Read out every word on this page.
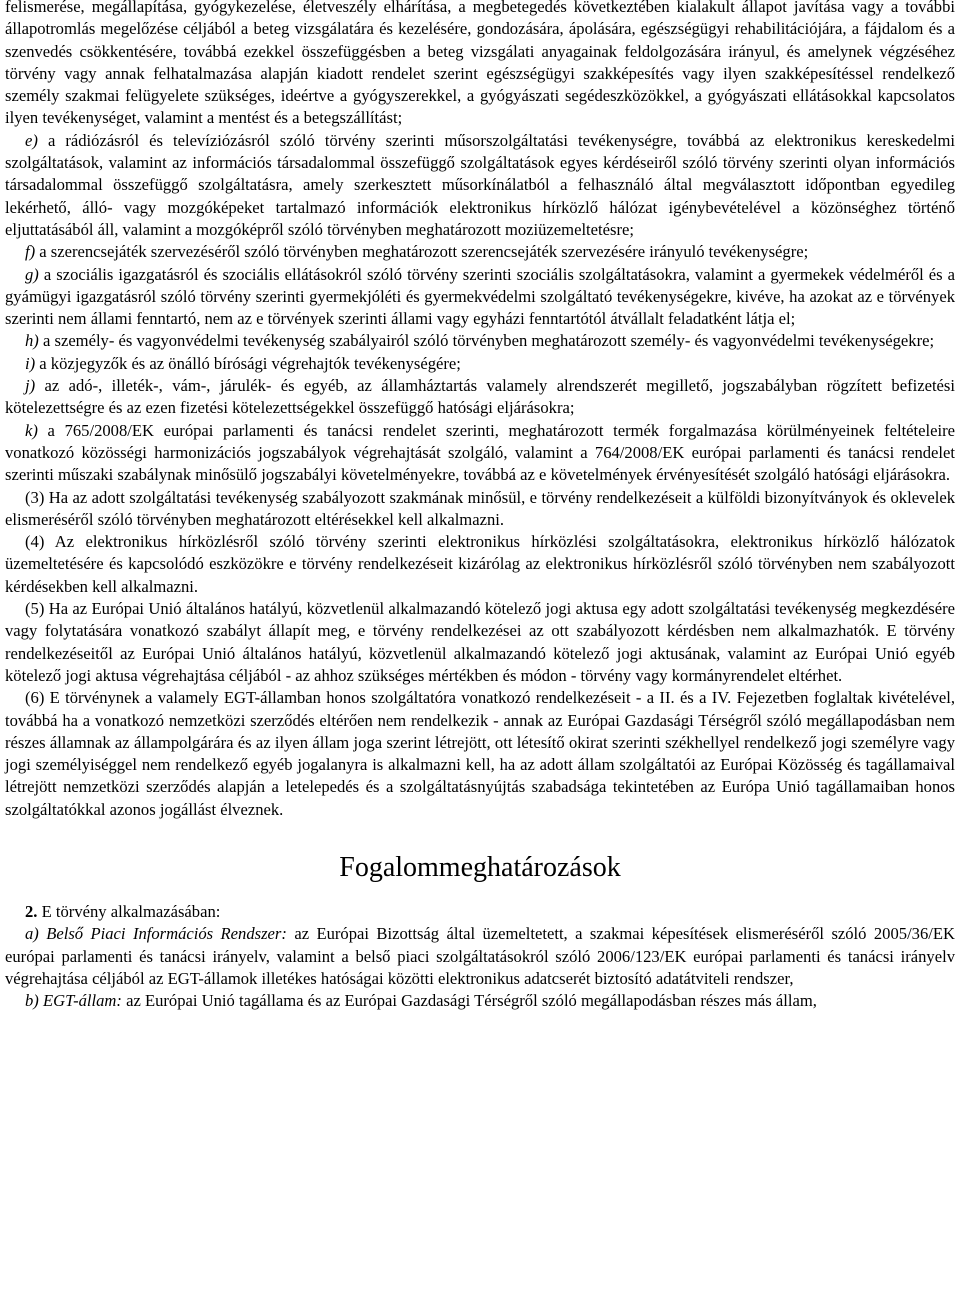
felismerése, megállapítása, gyógykezelése, életveszély elhárítása, a megbetegedés következtében kialakult állapot javítása vagy a további állapotromlás megelőzése céljából a beteg vizsgálatára és kezelésére, gondozására, ápolására, egészségügyi rehabilitációjára, a fájdalom és a szenvedés csökkentésére, továbbá ezekkel összefüggésben a beteg vizsgálati anyagainak feldolgozására irányul, és amelynek végzéséhez törvény vagy annak felhatalmazása alapján kiadott rendelet szerint egészségügyi szakképesítés vagy ilyen szakképesítéssel rendelkező személy szakmai felügyelete szükséges, ideértve a gyógyszerekkel, a gyógyászati segédeszközökkel, a gyógyászati ellátásokkal kapcsolatos ilyen tevékenységet, valamint a mentést és a betegszállítást;

e) a rádiózásról és televíziózásról szóló törvény szerinti műsorszolgáltatási tevékenységre, továbbá az elektronikus kereskedelmi szolgáltatások, valamint az információs társadalommal összefüggő szolgáltatások egyes kérdéseiről szóló törvény szerinti olyan információs társadalommal összefüggő szolgáltatásra, amely szerkesztett műsorkínálatból a felhasználó által megválasztott időpontban egyedileg lekérhető, álló- vagy mozgóképeket tartalmazó információk elektronikus hírközlő hálózat igénybevételével a közönséghez történő eljuttatásából áll, valamint a mozgóképről szóló törvényben meghatározott moziüzemeltetésre;

f) a szerencsejáték szervezéséről szóló törvényben meghatározott szerencsejáték szervezésére irányuló tevékenységre;

g) a szociális igazgatásról és szociális ellátásokról szóló törvény szerinti szociális szolgáltatásokra, valamint a gyermekek védelméről és a gyámügyi igazgatásról szóló törvény szerinti gyermekjóléti és gyermekvédelmi szolgáltató tevékenységekre, kivéve, ha azokat az e törvények szerinti nem állami fenntartó, nem az e törvények szerinti állami vagy egyházi fenntartótól átvállalt feladatként látja el;

h) a személy- és vagyonvédelmi tevékenység szabályairól szóló törvényben meghatározott személy- és vagyonvédelmi tevékenységekre;

i) a közjegyzők és az önálló bírósági végrehajtók tevékenységére;

j) az adó-, illeték-, vám-, járulék- és egyéb, az államháztartás valamely alrendszerét megillető, jogszabályban rögzített befizetési kötelezettségre és az ezen fizetési kötelezettségekkel összefüggő hatósági eljárásokra;

k) a 765/2008/EK európai parlamenti és tanácsi rendelet szerinti, meghatározott termék forgalmazása körülményeinek feltételeire vonatkozó közösségi harmonizációs jogszabályok végrehajtását szolgáló, valamint a 764/2008/EK európai parlamenti és tanácsi rendelet szerinti műszaki szabálynak minősülő jogszabályi követelményekre, továbbá az e követelmények érvényesítését szolgáló hatósági eljárásokra.

(3) Ha az adott szolgáltatási tevékenység szabályozott szakmának minősül, e törvény rendelkezéseit a külföldi bizonyítványok és oklevelek elismeréséről szóló törvényben meghatározott eltérésekkel kell alkalmazni.

(4) Az elektronikus hírközlésről szóló törvény szerinti elektronikus hírközlési szolgáltatásokra, elektronikus hírközlő hálózatok üzemeltetésére és kapcsolódó eszközökre e törvény rendelkezéseit kizárólag az elektronikus hírközlésről szóló törvényben nem szabályozott kérdésekben kell alkalmazni.

(5) Ha az Európai Unió általános hatályú, közvetlenül alkalmazandó kötelező jogi aktusa egy adott szolgáltatási tevékenység megkezdésére vagy folytatására vonatkozó szabályt állapít meg, e törvény rendelkezései az ott szabályozott kérdésben nem alkalmazhatók. E törvény rendelkezéseitől az Európai Unió általános hatályú, közvetlenül alkalmazandó kötelező jogi aktusának, valamint az Európai Unió egyéb kötelező jogi aktusa végrehajtása céljából - az ahhoz szükséges mértékben és módon - törvény vagy kormányrendelet eltérhet.

(6) E törvénynek a valamely EGT-államban honos szolgáltatóra vonatkozó rendelkezéseit - a II. és a IV. Fejezetben foglaltak kivételével, továbbá ha a vonatkozó nemzetközi szerződés eltérően nem rendelkezik - annak az Európai Gazdasági Térségről szóló megállapodásban nem részes államnak az állampolgárára és az ilyen állam joga szerint létrejött, ott létesítő okirat szerinti székhellyel rendelkező jogi személyre vagy jogi személyiséggel nem rendelkező egyéb jogalanyra is alkalmazni kell, ha az adott állam szolgáltatói az Európai Közösség és tagállamaival létrejött nemzetközi szerződés alapján a letelepedés és a szolgáltatásnyújtás szabadsága tekintetében az Európa Unió tagállamaiban honos szolgáltatókkal azonos jogállást élveznek.

Fogalommeghatározások

2. E törvény alkalmazásában:

a) Belső Piaci Információs Rendszer: az Európai Bizottság által üzemeltetett, a szakmai képesítések elismeréséről szóló 2005/36/EK európai parlamenti és tanácsi irányelv, valamint a belső piaci szolgáltatásokról szóló 2006/123/EK európai parlamenti és tanácsi irányelv végrehajtása céljából az EGT-államok illetékes hatóságai közötti elektronikus adatcserét biztosító adatátviteli rendszer,

b) EGT-állam: az Európai Unió tagállama és az Európai Gazdasági Térségről szóló megállapodásban részes más állam,
